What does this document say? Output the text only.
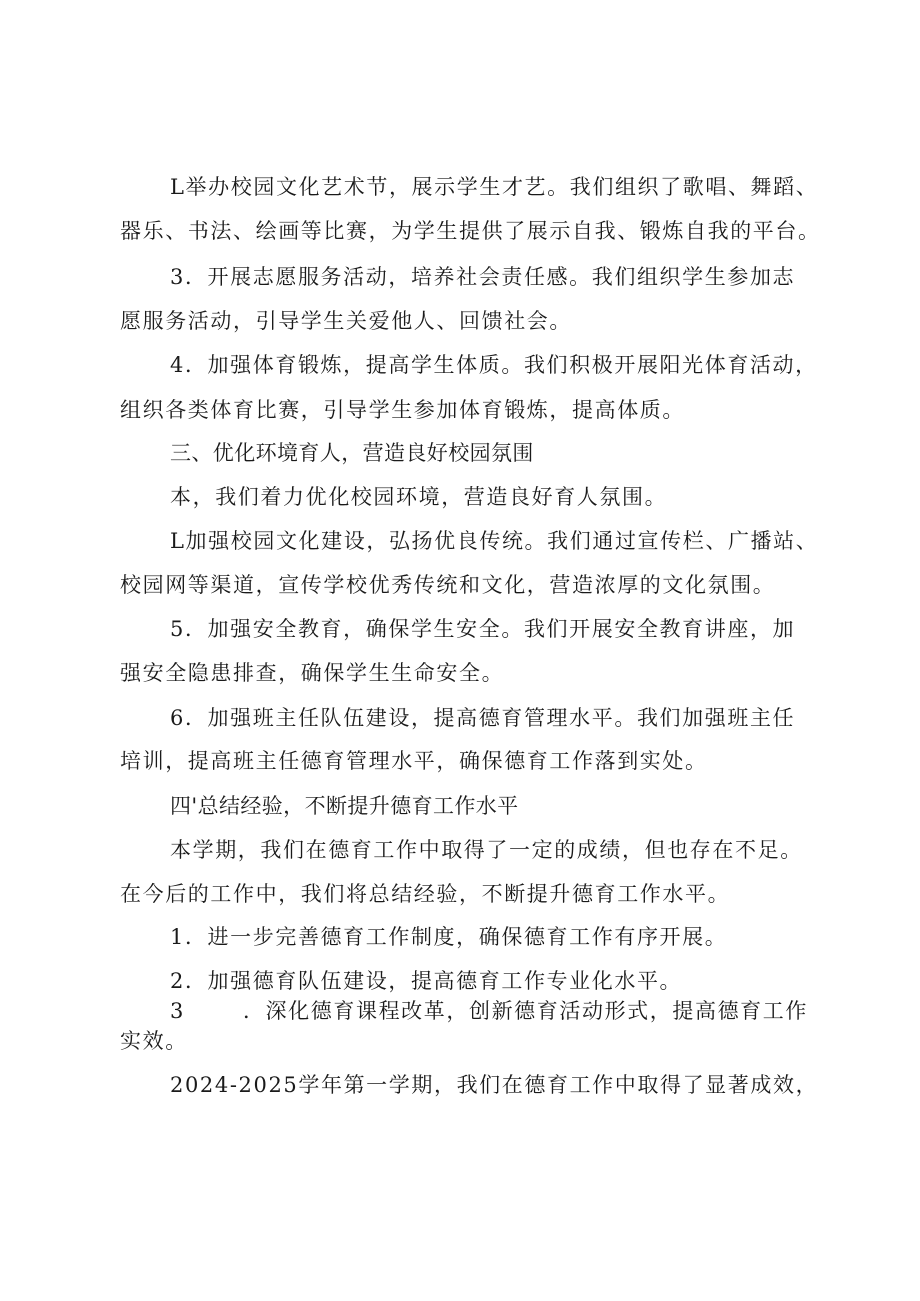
L举办校园文化艺术节，展示学生才艺。我们组织了歌唱、舞蹈、
器乐、书法、绘画等比赛，为学生提供了展示自我、锻炼自我的平台。
3．开展志愿服务活动，培养社会责任感。我们组织学生参加志
愿服务活动，引导学生关爱他人、回馈社会。
4．加强体育锻炼，提高学生体质。我们积极开展阳光体育活动，
组织各类体育比赛，引导学生参加体育锻炼，提高体质。
三、优化环境育人，营造良好校园氛围
本，我们着力优化校园环境，营造良好育人氛围。
L加强校园文化建设，弘扬优良传统。我们通过宣传栏、广播站、
校园网等渠道，宣传学校优秀传统和文化，营造浓厚的文化氛围。
5．加强安全教育，确保学生安全。我们开展安全教育讲座，加
强安全隐患排查，确保学生生命安全。
6．加强班主任队伍建设，提高德育管理水平。我们加强班主任
培训，提高班主任德育管理水平，确保德育工作落到实处。
四'总结经验，不断提升德育工作水平
本学期，我们在德育工作中取得了一定的成绩，但也存在不足。
在今后的工作中，我们将总结经验，不断提升德育工作水平。
1．进一步完善德育工作制度，确保德育工作有序开展。
2．加强德育队伍建设，提高德育工作专业化水平。
3	．深化德育课程改革，创新德育活动形式，提高德育工作
实效。
2024-2025学年第一学期，我们在德育工作中取得了显著成效，
